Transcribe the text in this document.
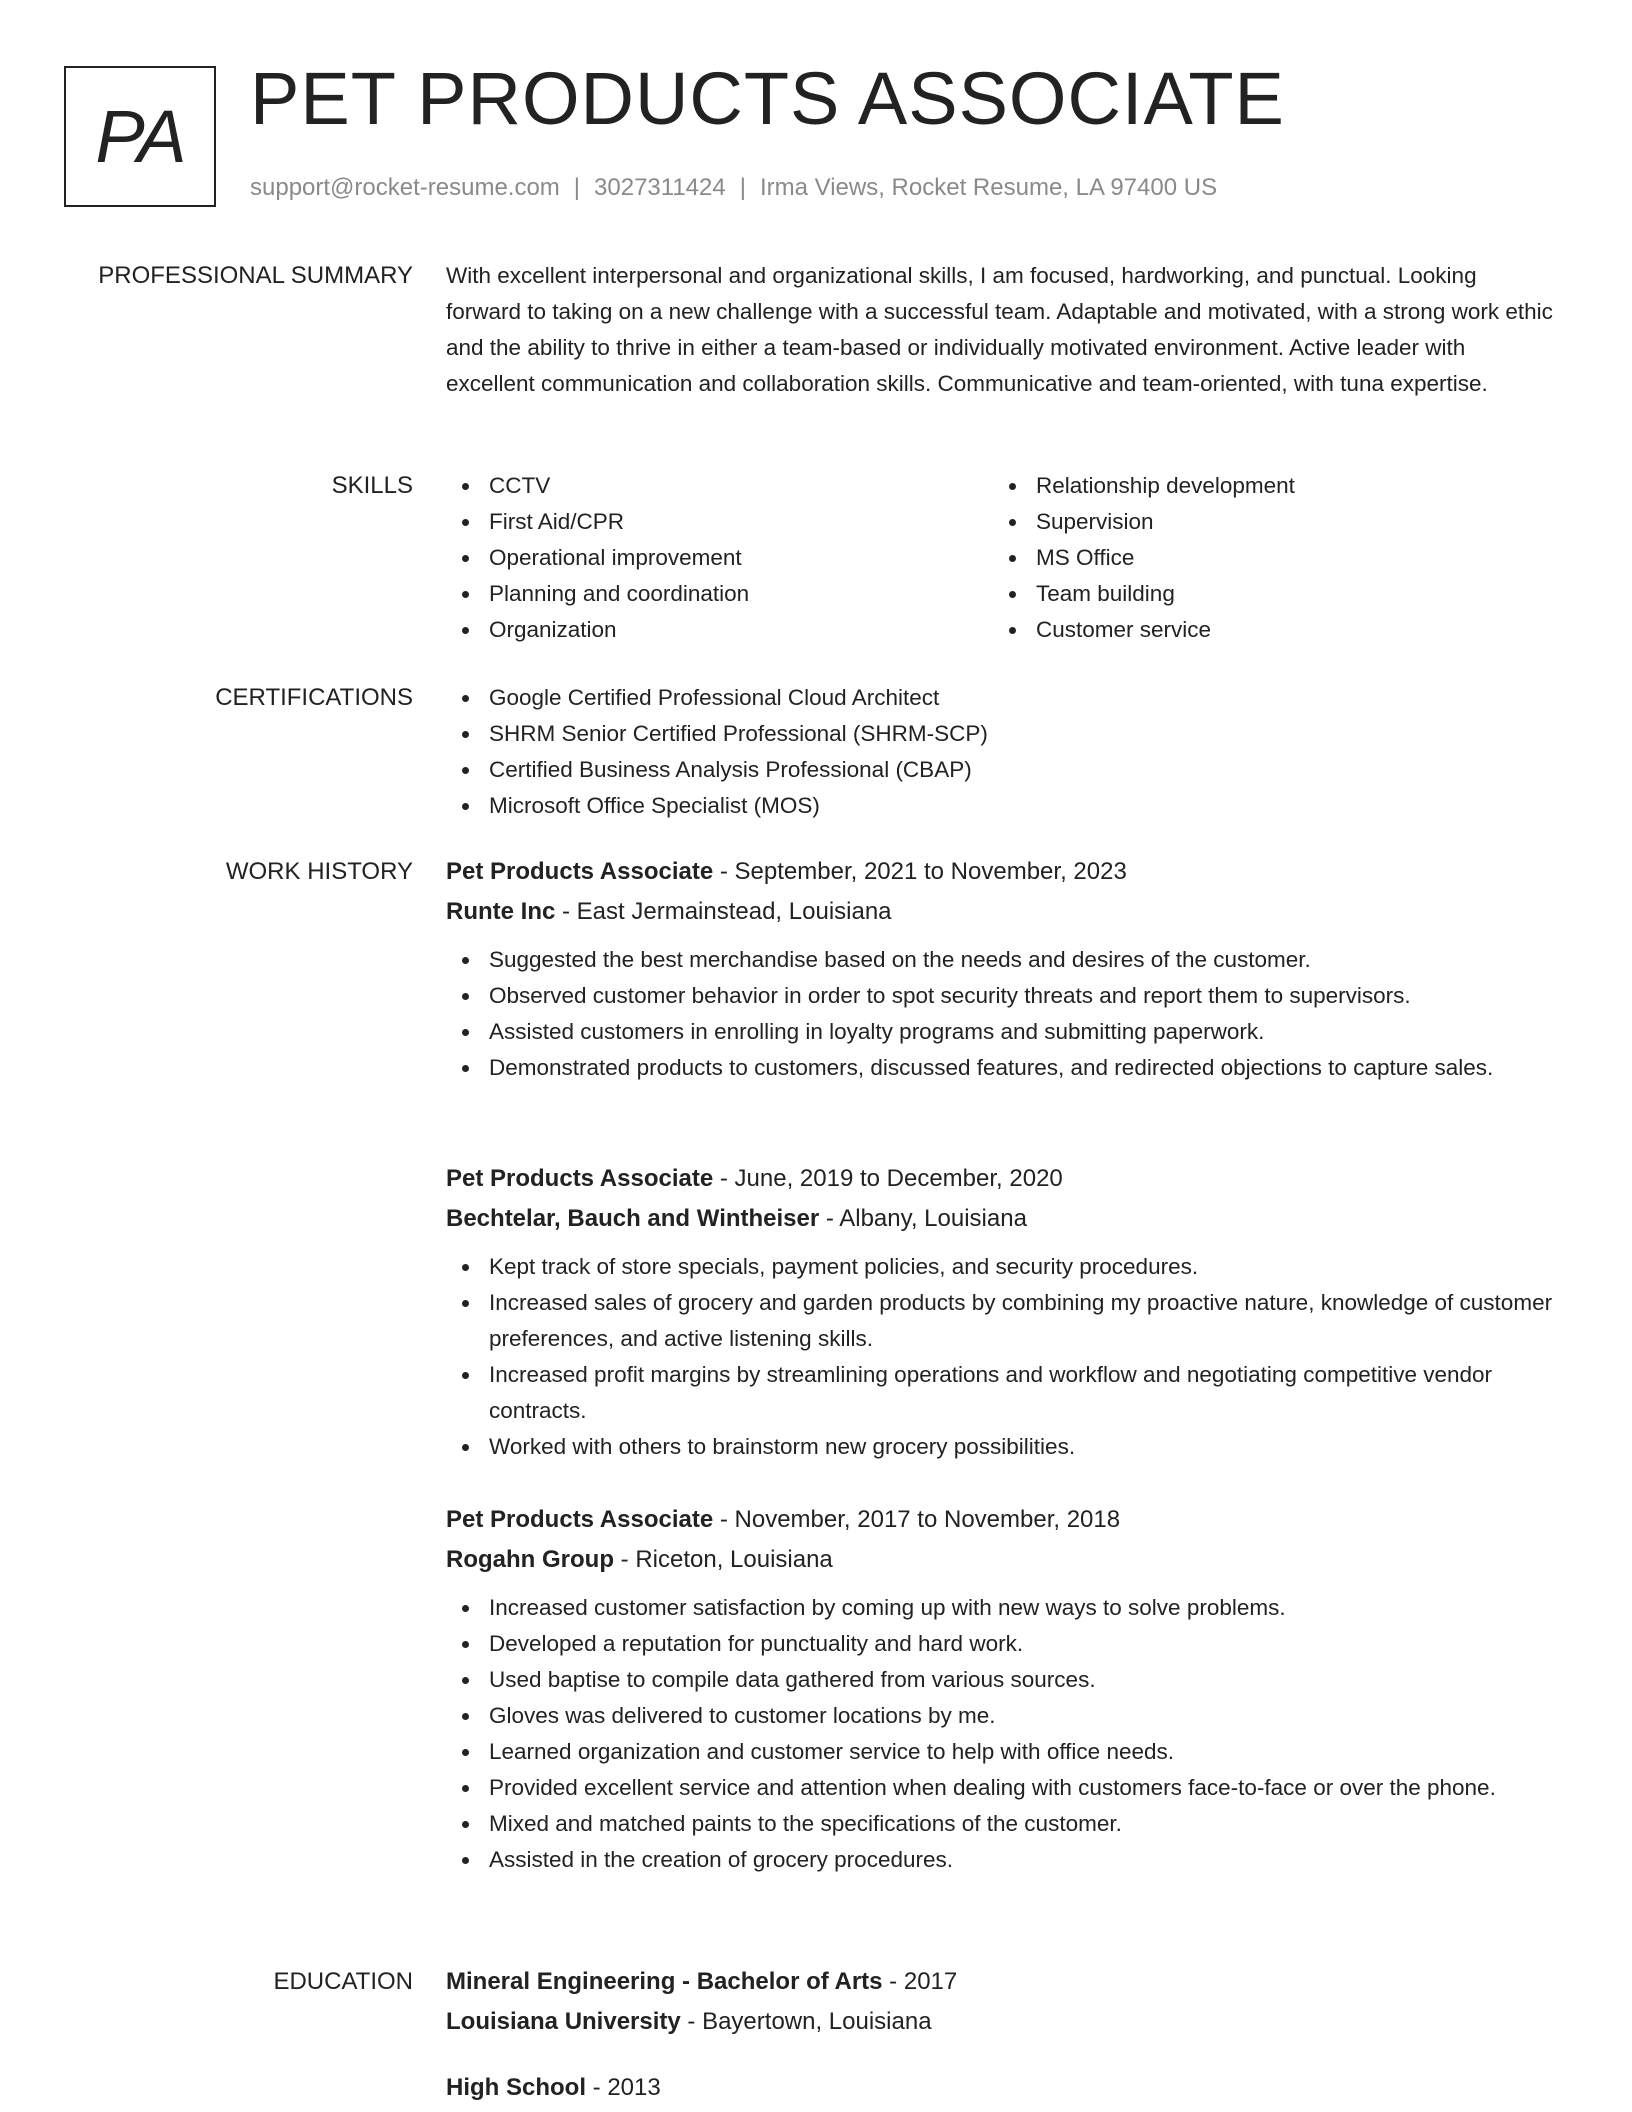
PA PET PRODUCTS ASSOCIATE
support@rocket-resume.com | 3027311424 | Irma Views, Rocket Resume, LA 97400 US
PROFESSIONAL SUMMARY With excellent interpersonal and organizational skills, I am focused, hardworking, and punctual. Looking forward to taking on a new challenge with a successful team. Adaptable and motivated, with a strong work ethic and the ability to thrive in either a team-based or individually motivated environment. Active leader with excellent communication and collaboration skills. Communicative and team-oriented, with tuna expertise.

SKILLS	CCTV
First Aid/CPR
Operational improvement
Planning and coordination
Organization
Relationship development
Supervision
MS Office
Team building
Customer service
CERTIFICATIONS	Google Certified Professional Cloud Architect
SHRM Senior Certified Professional (SHRM-SCP)
Certified Business Analysis Professional (CBAP)
Microsoft Office Specialist (MOS)
WORK HISTORY Pet Products Associate - September, 2021 to November, 2023
Runte Inc - East Jermainstead, Louisiana
Suggested the best merchandise based on the needs and desires of the customer.
Observed customer behavior in order to spot security threats and report them to supervisors.
Assisted customers in enrolling in loyalty programs and submitting paperwork.
Demonstrated products to customers, discussed features, and redirected objections to capture sales.
Pet Products Associate - June, 2019 to December, 2020
Bechtelar, Bauch and Wintheiser - Albany, Louisiana
Kept track of store specials, payment policies, and security procedures.
Increased sales of grocery and garden products by combining my proactive nature, knowledge of customer preferences, and active listening skills.
Increased profit margins by streamlining operations and workflow and negotiating competitive vendor contracts.
Worked with others to brainstorm new grocery possibilities.
Pet Products Associate - November, 2017 to November, 2018
Rogahn Group - Riceton, Louisiana
Increased customer satisfaction by coming up with new ways to solve problems.
Developed a reputation for punctuality and hard work.
Used baptise to compile data gathered from various sources.
Gloves was delivered to customer locations by me.
Learned organization and customer service to help with office needs.
Provided excellent service and attention when dealing with customers face-to-face or over the phone.
Mixed and matched paints to the specifications of the customer.
Assisted in the creation of grocery procedures.
EDUCATION Mineral Engineering - Bachelor of Arts - 2017
Louisiana University - Bayertown, Louisiana
High School - 2013
